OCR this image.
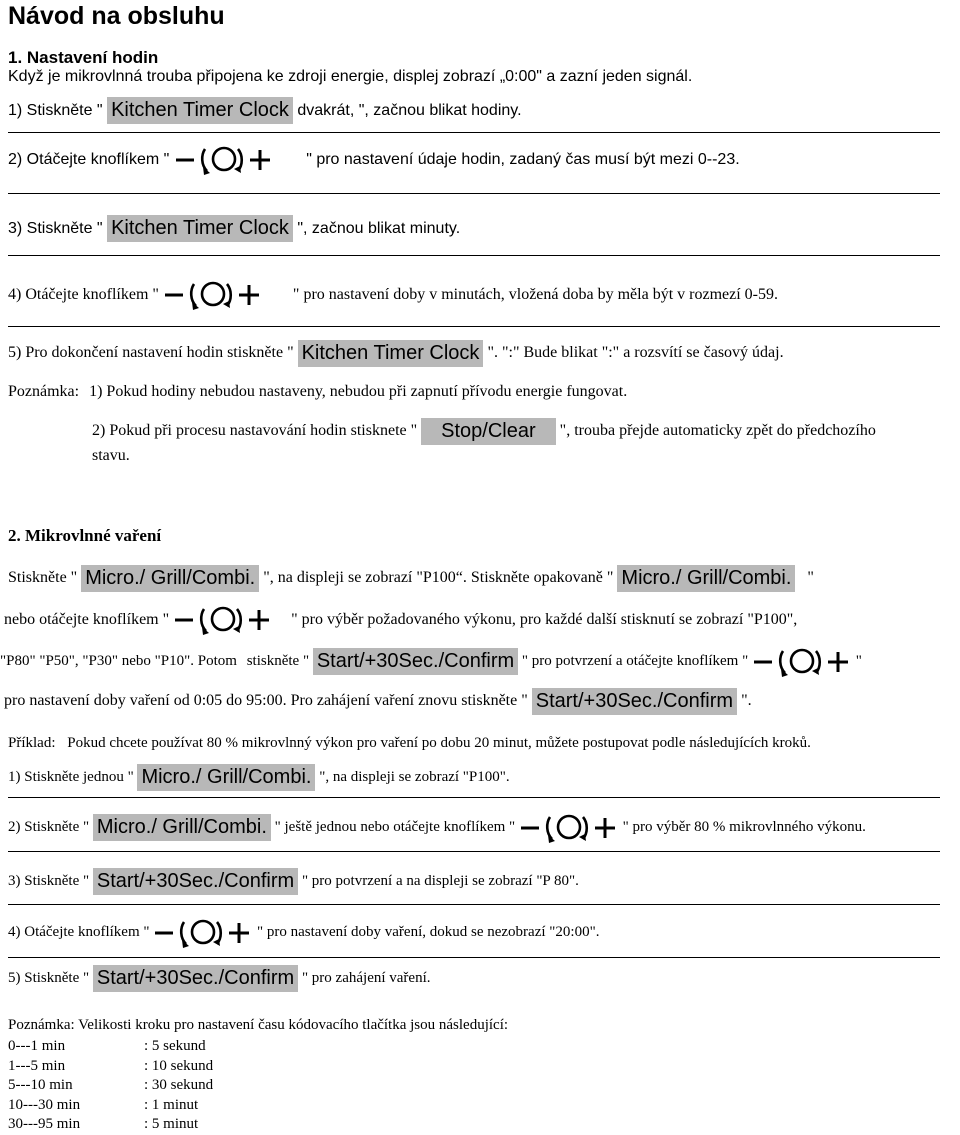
Návod na obsluhu
1. Nastavení hodin
Když je mikrovlnná trouba připojena ke zdroji energie, displej zobrazí „0:00" a zazní jeden signál.
1) Stiskněte " Kitchen Timer Clock dvakrát, ", začnou blikat hodiny.
2) Otáčejte knoflíkem "	" pro nastavení údaje hodin, zadaný čas musí být mezi 0--23.
3) Stiskněte " Kitchen Timer Clock ", začnou blikat minuty.
4) Otáčejte knoflíkem "	" pro nastavení doby v minutách, vložená doba by měla být v rozmezí 0-59.
5) Pro dokončení nastavení hodin stiskněte " Kitchen Timer Clock ". ":" Bude blikat ":" a rozsvítí se časový údaj.
Poznámka: 1) Pokud hodiny nebudou nastaveny, nebudou při zapnutí přívodu energie fungovat.
2) Pokud při procesu nastavování hodin stisknete " Stop/Clear ", trouba přejde automaticky zpět do předchozího
stavu.
2. Mikrovlnné vaření
Stiskněte " Micro./ Grill/Combi. ", na displeji se zobrazí "P100“. Stiskněte opakovaně " Micro./ Grill/Combi. "
nebo otáčejte knoflíkem "	" pro výběr požadovaného výkonu, pro každé další stisknutí se zobrazí "P100",
"P80" "P50", "P30" nebo "P10". Potom stiskněte " Start/+30Sec./Confirm " pro potvrzení a otáčejte knoflíkem "	"
pro nastavení doby vaření od 0:05 do 95:00. Pro zahájení vaření znovu stiskněte " Start/+30Sec./Confirm ".
Příklad: Pokud chcete používat 80 % mikrovlnný výkon pro vaření po dobu 20 minut, můžete postupovat podle následujících kroků.
1) Stiskněte jednou " Micro./ Grill/Combi. ", na displeji se zobrazí "P100".
2) Stiskněte " Micro./ Grill/Combi. " ještě jednou nebo otáčejte knoflíkem "	" pro výběr 80 % mikrovlnného výkonu.
3) Stiskněte " Start/+30Sec./Confirm " pro potvrzení a na displeji se zobrazí "P 80".
4) Otáčejte knoflíkem "	" pro nastavení doby vaření, dokud se nezobrazí "20:00".
5) Stiskněte " Start/+30Sec./Confirm " pro zahájení vaření.
Poznámka: Velikosti kroku pro nastavení času kódovacího tlačítka jsou následující:
0---1 min	: 5 sekund
1---5 min	: 10 sekund
5---10 min	: 30 sekund
10---30 min	: 1 minut
30---95 min	: 5 minut
